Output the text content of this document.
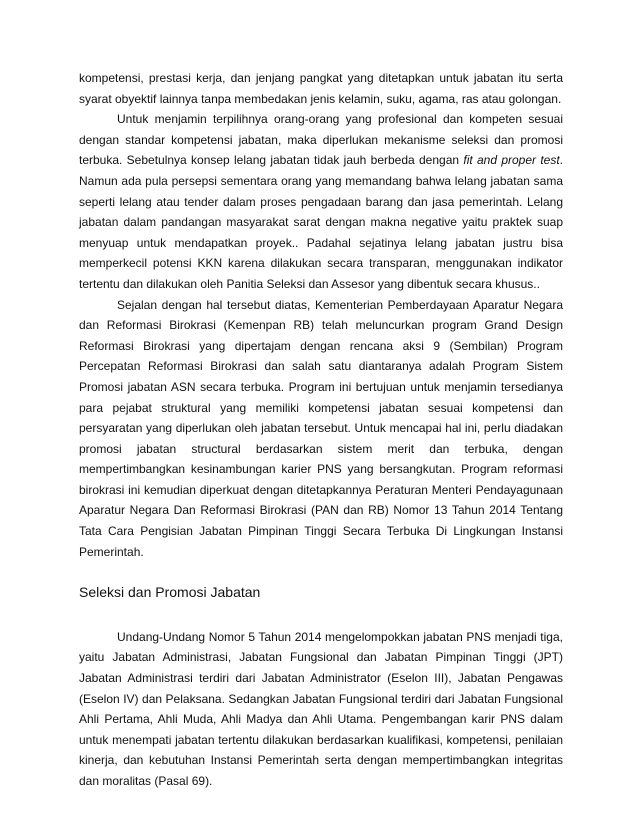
kompetensi, prestasi kerja, dan jenjang pangkat yang ditetapkan untuk jabatan itu serta syarat obyektif lainnya tanpa membedakan jenis kelamin, suku, agama, ras atau golongan.

Untuk menjamin terpilihnya orang-orang yang profesional dan kompeten sesuai dengan standar kompetensi jabatan, maka diperlukan mekanisme seleksi dan promosi terbuka. Sebetulnya konsep lelang jabatan tidak jauh berbeda dengan fit and proper test. Namun ada pula persepsi sementara orang yang memandang bahwa lelang jabatan sama seperti lelang atau tender dalam proses pengadaan barang dan jasa pemerintah. Lelang jabatan dalam pandangan masyarakat sarat dengan makna negative yaitu praktek suap menyuap untuk mendapatkan proyek.. Padahal sejatinya lelang jabatan justru bisa memperkecil potensi KKN karena dilakukan secara transparan, menggunakan indikator tertentu dan dilakukan oleh Panitia Seleksi dan Assesor yang dibentuk secara khusus..

Sejalan dengan hal tersebut diatas, Kementerian Pemberdayaan Aparatur Negara dan Reformasi Birokrasi (Kemenpan RB) telah meluncurkan program Grand Design Reformasi Birokrasi yang dipertajam dengan rencana aksi 9 (Sembilan) Program Percepatan Reformasi Birokrasi dan salah satu diantaranya adalah Program Sistem Promosi jabatan ASN secara terbuka. Program ini bertujuan untuk menjamin tersedianya para pejabat struktural yang memiliki kompetensi jabatan sesuai kompetensi dan persyaratan yang diperlukan oleh jabatan tersebut. Untuk mencapai hal ini, perlu diadakan promosi jabatan structural berdasarkan sistem merit dan terbuka, dengan mempertimbangkan kesinambungan karier PNS yang bersangkutan. Program reformasi birokrasi ini kemudian diperkuat dengan ditetapkannya Peraturan Menteri Pendayagunaan Aparatur Negara Dan Reformasi Birokrasi (PAN dan RB) Nomor 13 Tahun 2014 Tentang Tata Cara Pengisian Jabatan Pimpinan Tinggi Secara Terbuka Di Lingkungan Instansi Pemerintah.

Seleksi dan Promosi Jabatan

Undang-Undang Nomor 5 Tahun 2014 mengelompokkan jabatan PNS menjadi tiga, yaitu Jabatan Administrasi, Jabatan Fungsional dan Jabatan Pimpinan Tinggi (JPT) Jabatan Administrasi terdiri dari Jabatan Administrator (Eselon III), Jabatan Pengawas (Eselon IV) dan Pelaksana. Sedangkan Jabatan Fungsional terdiri dari Jabatan Fungsional Ahli Pertama, Ahli Muda, Ahli Madya dan Ahli Utama. Pengembangan karir PNS dalam untuk menempati jabatan tertentu dilakukan berdasarkan kualifikasi, kompetensi, penilaian kinerja, dan kebutuhan Instansi Pemerintah serta dengan mempertimbangkan integritas dan moralitas (Pasal 69).
